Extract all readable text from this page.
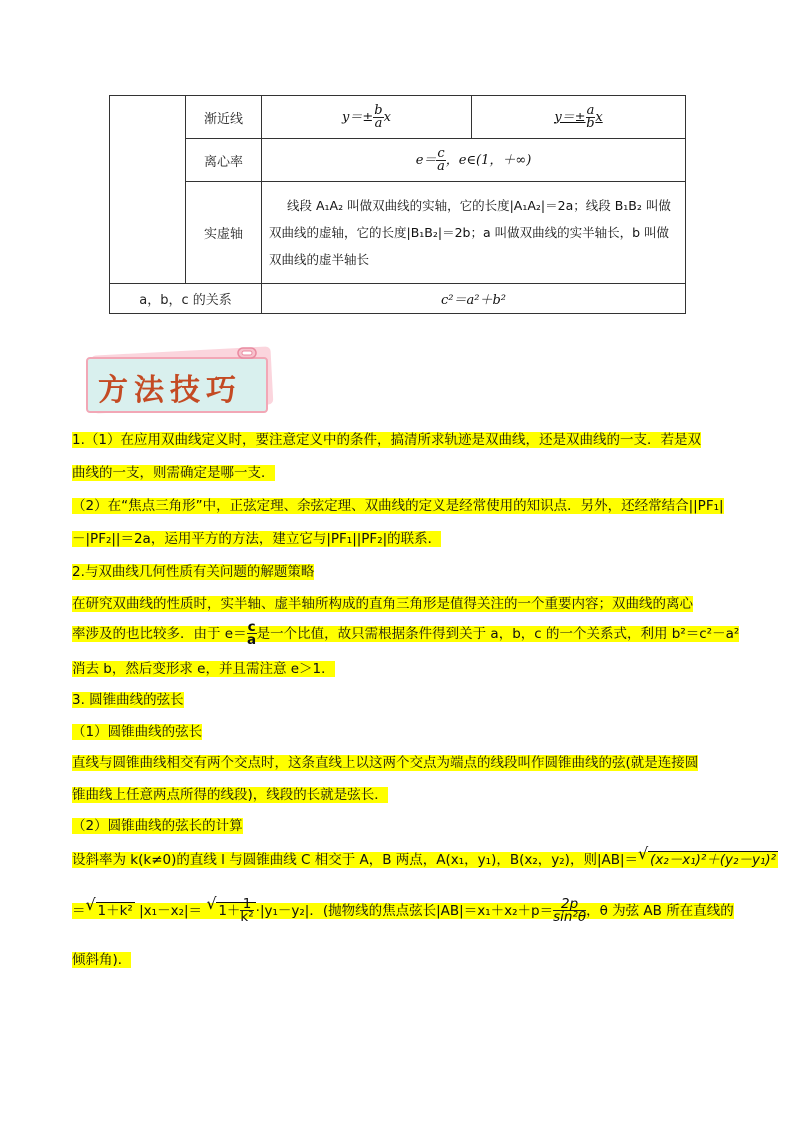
	渐近线	$y=\pm \frac{b}{a}$ x	$y=\pm \frac{a}{b}$ x
	离心率	$e= \frac{c}{a}$ ，e∈(1，＋∞)	
	实虚轴	线段 A₁A₂ 叫做双曲线的实轴，它的长度|A₁A₂|＝2a；线段 B₁B₂ 叫做双曲线的虚轴，它的长度|B₁B₂|＝2b；a 叫做双曲线的实半轴长，b 叫做双曲线的虚半轴长	
a，b，c 的关系		c²＝a²＋b²	
方法技巧
1.（1）在应用双曲线定义时，要注意定义中的条件，搞清所求轨迹是双曲线，还是双曲线的一支．若是双
曲线的一支，则需确定是哪一支．
（2）在“焦点三角形”中，正弦定理、余弦定理、双曲线的定义是经常使用的知识点．另外，还经常结合||PF₁|
－|PF₂||＝2a，运用平方的方法，建立它与|PF₁||PF₂|的联系．
2.与双曲线几何性质有关问题的解题策略
在研究双曲线的性质时，实半轴、虚半轴所构成的直角三角形是值得关注的一个重要内容；双曲线的离心
率涉及的也比较多．由于 $e= \frac{c}{a}$ 是一个比值，故只需根据条件得到关于 a，b，c 的一个关系式，利用 b²＝c²－a²
消去 b，然后变形求 e，并且需注意 e＞1．
3. 圆锥曲线的弦长
（1）圆锥曲线的弦长
直线与圆锥曲线相交有两个交点时，这条直线上以这两个交点为端点的线段叫作圆锥曲线的弦(就是连接圆
锥曲线上任意两点所得的线段)，线段的长就是弦长．
（2）圆锥曲线的弦长的计算
设斜率为 k(k≠0)的直线 l 与圆锥曲线 C 相交于 A，B 两点，A(x₁，y₁)，B(x₂，y₂)，则|AB|＝ √ (x₂－x₁)²＋(y₂－y₁)²
＝ √ 1＋k² |x₁－x₂|＝ √ $1+ \frac{1}{\text{k²}} \cdot|y_1-y_2|$．(抛物线的焦点弦长$|AB|=x_1+x_2+p= \frac{2p}{\text{sin²θ}}$ ，θ 为弦 AB 所在直线的
倾斜角)．
